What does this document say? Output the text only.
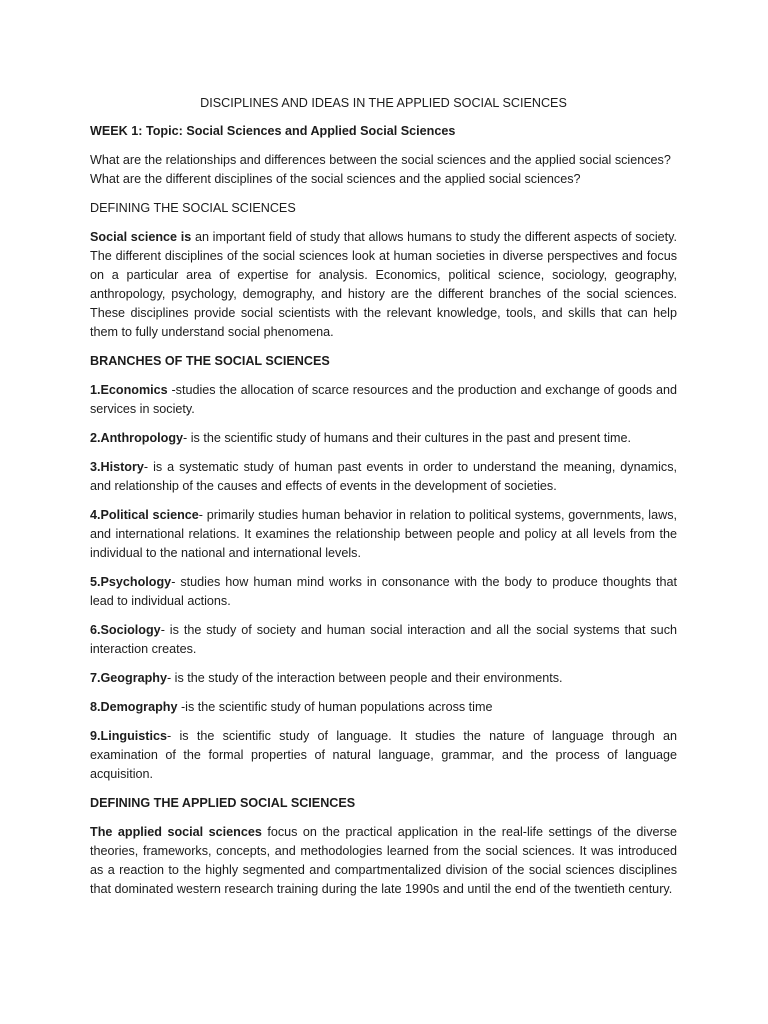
DISCIPLINES AND IDEAS IN THE APPLIED SOCIAL SCIENCES

WEEK 1: Topic: Social Sciences and Applied Social Sciences

What are the relationships and differences between the social sciences and the applied social sciences?
What are the different disciplines of the social sciences and the applied social sciences?

DEFINING THE SOCIAL SCIENCES

Social science is an important field of study that allows humans to study the different aspects of society. The different disciplines of the social sciences look at human societies in diverse perspectives and focus on a particular area of expertise for analysis. Economics, political science, sociology, geography, anthropology, psychology, demography, and history are the different branches of the social sciences. These disciplines provide social scientists with the relevant knowledge, tools, and skills that can help them to fully understand social phenomena.

BRANCHES OF THE SOCIAL SCIENCES

1.Economics -studies the allocation of scarce resources and the production and exchange of goods and services in society.

2.Anthropology- is the scientific study of humans and their cultures in the past and present time.

3.History- is a systematic study of human past events in order to understand the meaning, dynamics, and relationship of the causes and effects of events in the development of societies.

4.Political science- primarily studies human behavior in relation to political systems, governments, laws, and international relations. It examines the relationship between people and policy at all levels from the individual to the national and international levels.

5.Psychology- studies how human mind works in consonance with the body to produce thoughts that lead to individual actions.

6.Sociology- is the study of society and human social interaction and all the social systems that such interaction creates.

7.Geography- is the study of the interaction between people and their environments.

8.Demography -is the scientific study of human populations across time

9.Linguistics- is the scientific study of language. It studies the nature of language through an examination of the formal properties of natural language, grammar, and the process of language acquisition.

DEFINING THE APPLIED SOCIAL SCIENCES

The applied social sciences focus on the practical application in the real-life settings of the diverse theories, frameworks, concepts, and methodologies learned from the social sciences. It was introduced as a reaction to the highly segmented and compartmentalized division of the social sciences disciplines that dominated western research training during the late 1990s and until the end of the twentieth century.
